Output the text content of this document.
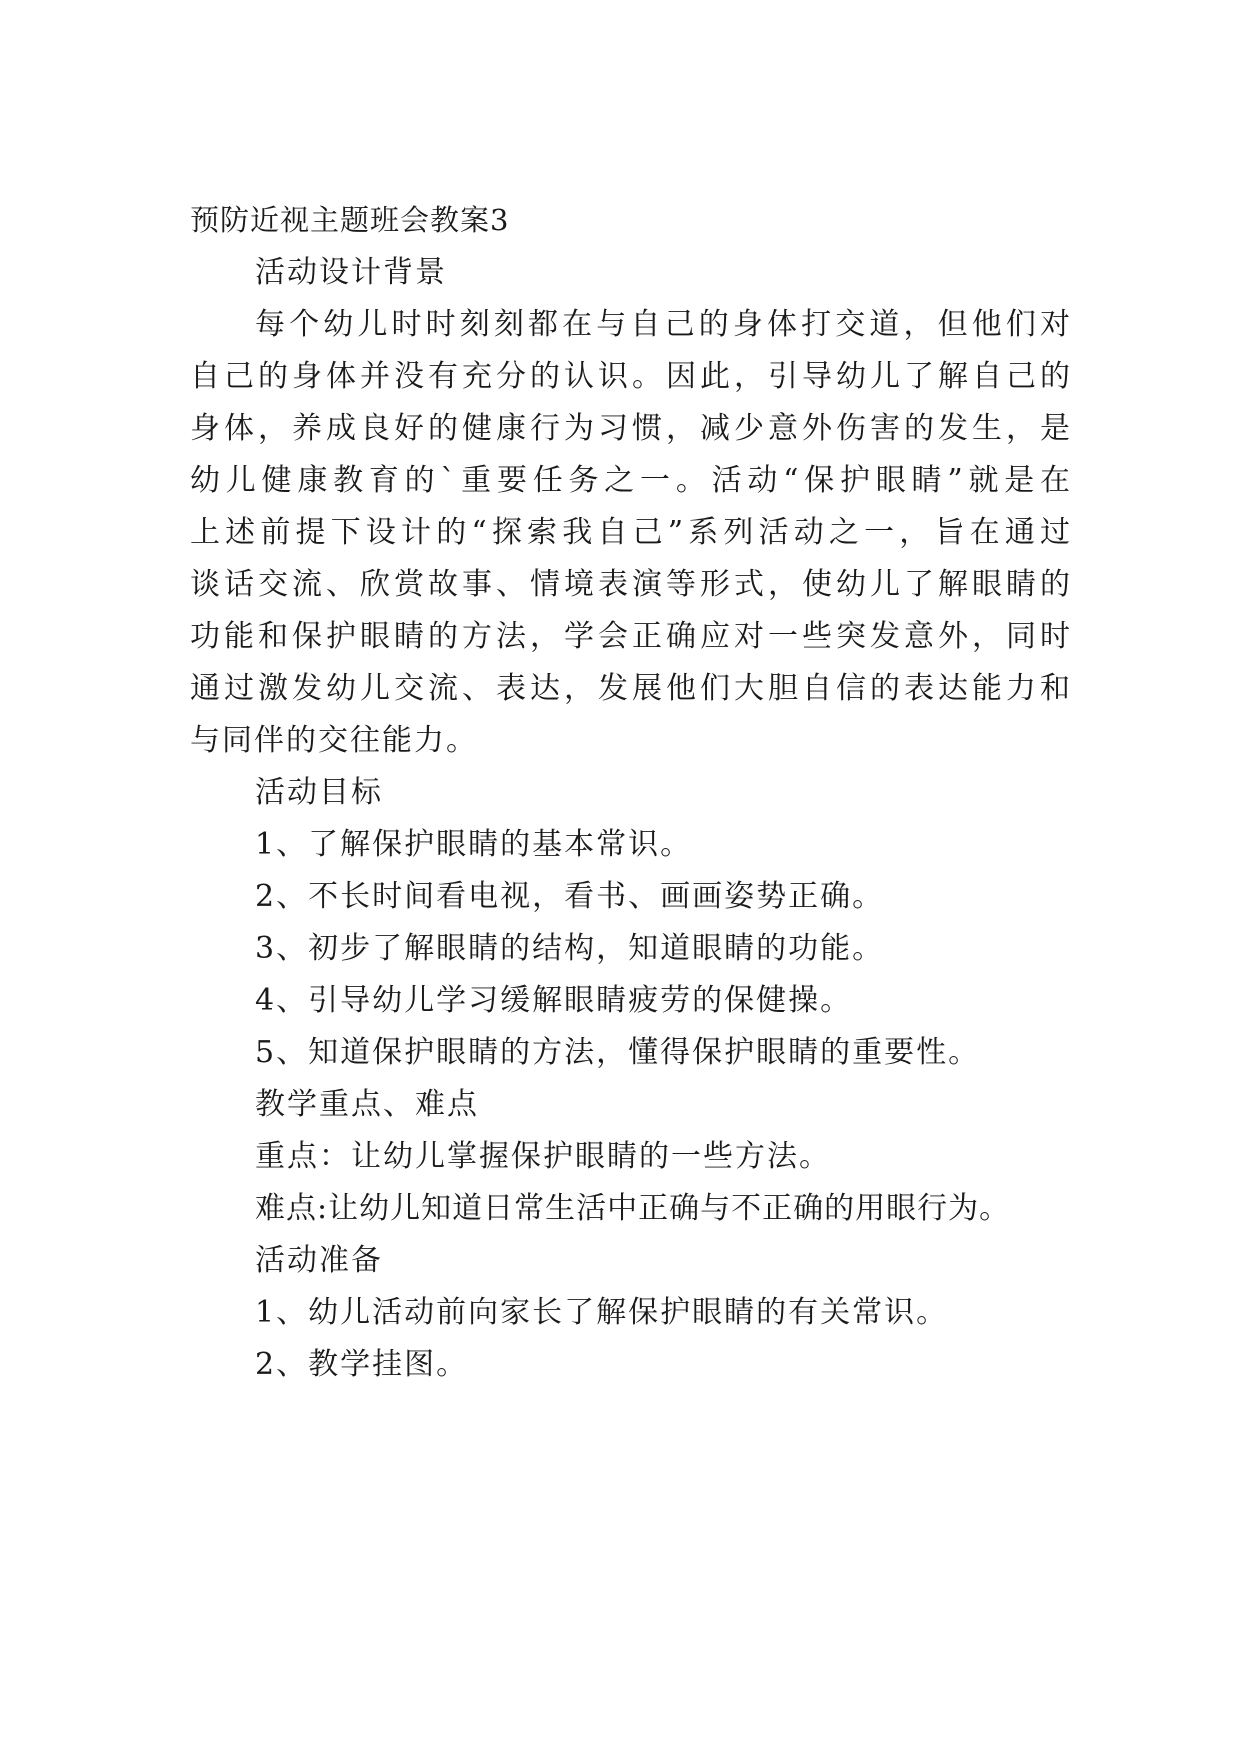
预防近视主题班会教案3
活动设计背景
每个幼儿时时刻刻都在与自己的身体打交道，但他们对
自己的身体并没有充分的认识。因此，引导幼儿了解自己的
身体，养成良好的健康行为习惯，减少意外伤害的发生，是
幼儿健康教育的`重要任务之一。活动“保护眼睛”就是在
上述前提下设计的“探索我自己”系列活动之一，旨在通过
谈话交流、欣赏故事、情境表演等形式，使幼儿了解眼睛的
功能和保护眼睛的方法，学会正确应对一些突发意外，同时
通过激发幼儿交流、表达，发展他们大胆自信的表达能力和
与同伴的交往能力。
活动目标
1、了解保护眼睛的基本常识。
2、不长时间看电视，看书、画画姿势正确。
3、初步了解眼睛的结构，知道眼睛的功能。
4、引导幼儿学习缓解眼睛疲劳的保健操。
5、知道保护眼睛的方法，懂得保护眼睛的重要性。
教学重点、难点
重点：让幼儿掌握保护眼睛的一些方法。
难点:让幼儿知道日常生活中正确与不正确的用眼行为。
活动准备
1、幼儿活动前向家长了解保护眼睛的有关常识。
2、教学挂图。
